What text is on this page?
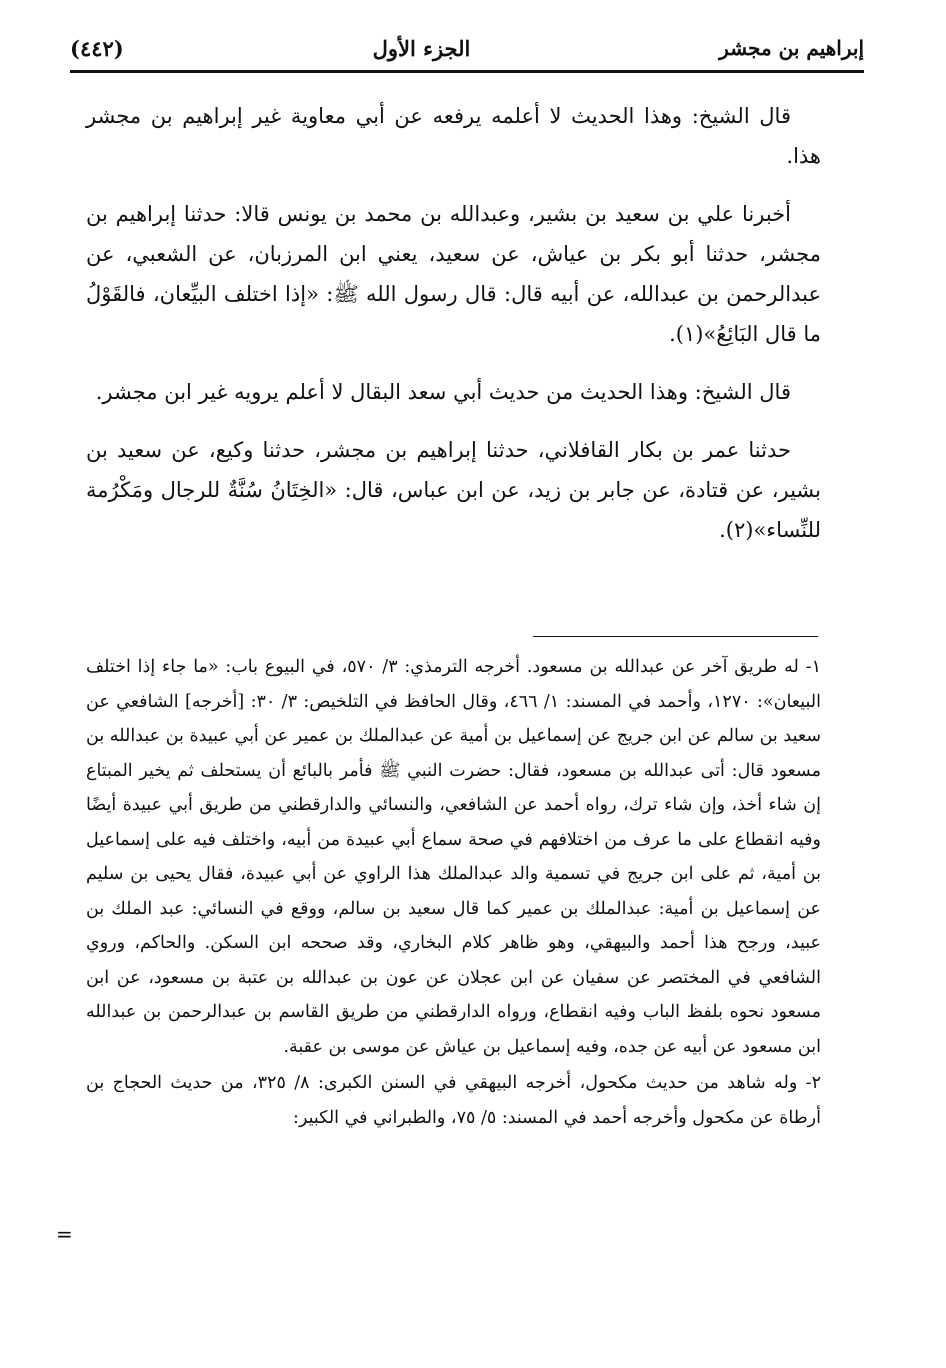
إبراهيم بن مجشر
الجزء الأول
(٤٤٢)

قال الشيخ: وهذا الحديث لا أعلمه يرفعه عن أبي معاوية غير إبراهيم بن مجشر هذا.

أخبرنا علي بن سعيد بن بشير، وعبدالله بن محمد بن يونس قالا: حدثنا إبراهيم بن مجشر، حدثنا أبو بكر بن عياش، عن سعيد، يعني ابن المرزبان، عن الشعبي، عن عبدالرحمن بن عبدالله، عن أبيه قال: قال رسول الله ﷺ: «إذا اختلف البيِّعان، فالقَوْلُ ما قال البَائِعُ»(١).

قال الشيخ: وهذا الحديث من حديث أبي سعد البقال لا أعلم يرويه غير ابن مجشر.

حدثنا عمر بن بكار القافلاني، حدثنا إبراهيم بن مجشر، حدثنا وكيع، عن سعيد بن بشير، عن قتادة، عن جابر بن زيد، عن ابن عباس، قال: «الخِتَانُ سُنَّةٌ للرجال ومَكْرُمة للنِّساء»(٢).

١- له طريق آخر عن عبدالله بن مسعود. أخرجه الترمذي: ٣/ ٥٧٠، في البيوع باب: «ما جاء إذا اختلف البيعان»: ١٢٧٠، وأحمد في المسند: ١/ ٤٦٦، وقال الحافظ في التلخيص: ٣/ ٣٠: [أخرجه] الشافعي عن سعيد بن سالم عن ابن جريج عن إسماعيل بن أمية عن عبدالملك بن عمير عن أبي عبيدة بن عبدالله بن مسعود قال: أتى عبدالله بن مسعود، فقال: حضرت النبي ﷺ فأمر بالبائع أن يستحلف ثم يخير المبتاع إن شاء أخذ، وإن شاء ترك، رواه أحمد عن الشافعي، والنسائي والدارقطني من طريق أبي عبيدة أيضًا وفيه انقطاع على ما عرف من اختلافهم في صحة سماع أبي عبيدة من أبيه، واختلف فيه على إسماعيل بن أمية، ثم على ابن جريج في تسمية والد عبدالملك هذا الراوي عن أبي عبيدة، فقال يحيى بن سليم عن إسماعيل بن أمية: عبدالملك بن عمير كما قال سعيد بن سالم، ووقع في النسائي: عبد الملك بن عبيد، ورجح هذا أحمد والبيهقي، وهو ظاهر كلام البخاري، وقد صححه ابن السكن. والحاكم، وروي الشافعي في المختصر عن سفيان عن ابن عجلان عن عون بن عبدالله بن عتبة بن مسعود، عن ابن مسعود نحوه بلفظ الباب وفيه انقطاع، ورواه الدارقطني من طريق القاسم بن عبدالرحمن بن عبدالله ابن مسعود عن أبيه عن جده، وفيه إسماعيل بن عياش عن موسى بن عقبة.

٢- وله شاهد من حديث مكحول، أخرجه البيهقي في السنن الكبرى: ٨/ ٣٢٥، من حديث الحجاج بن أرطاة عن مكحول وأخرجه أحمد في المسند: ٥/ ٧٥، والطبراني في الكبير:

=
